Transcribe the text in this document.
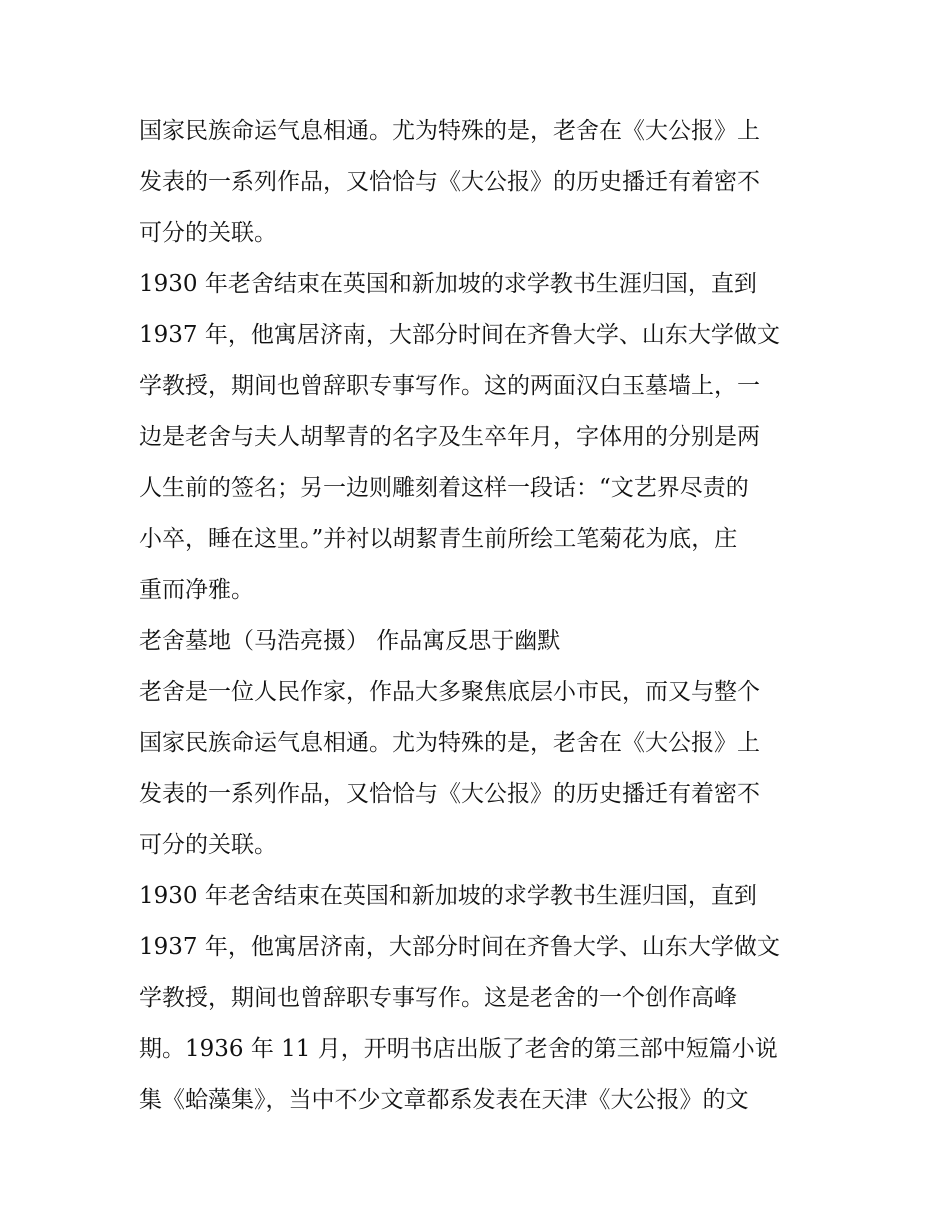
国家民族命运气息相通。尤为特殊的是，老舍在《大公报》上
发表的一系列作品，又恰恰与《大公报》的历史播迁有着密不
可分的关联。
1930 年老舍结束在英国和新加坡的求学教书生涯归国，直到
1937 年，他寓居济南，大部分时间在齐鲁大学、山东大学做文
学教授，期间也曾辞职专事写作。这的两面汉白玉墓墙上，一
边是老舍与夫人胡挈青的名字及生卒年月，字体用的分别是两
人生前的签名；另一边则雕刻着这样一段话：“文艺界尽责的
小卒，睡在这里。”并衬以胡絜青生前所绘工笔菊花为底，庄
重而净雅。
老舍墓地（马浩亮摄） 作品寓反思于幽默
老舍是一位人民作家，作品大多聚焦底层小市民，而又与整个
国家民族命运气息相通。尤为特殊的是，老舍在《大公报》上
发表的一系列作品，又恰恰与《大公报》的历史播迁有着密不
可分的关联。
1930 年老舍结束在英国和新加坡的求学教书生涯归国，直到
1937 年，他寓居济南，大部分时间在齐鲁大学、山东大学做文
学教授，期间也曾辞职专事写作。这是老舍的一个创作高峰
期。1936 年 11 月，开明书店出版了老舍的第三部中短篇小说
集《蛤藻集》，当中不少文章都系发表在天津《大公报》的文
